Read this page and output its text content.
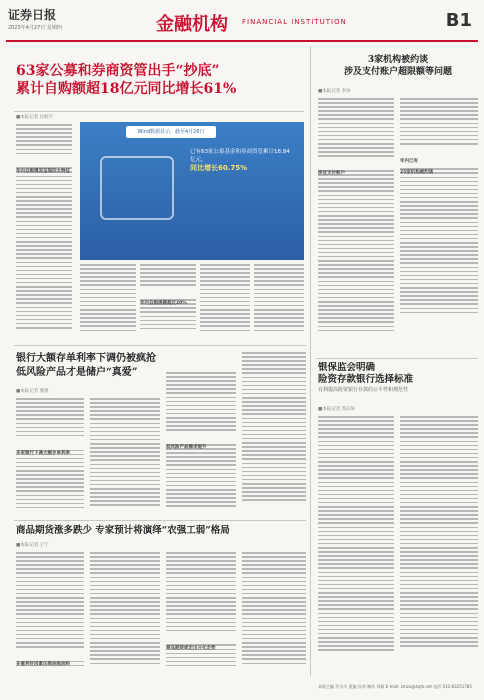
证券日报
2023年4月27日 星期四	金融机构 FINANCIAL INSTITUTION	B1
63家公募和券商资管出手“抄底”
累计自购额超18亿元同比增长61%
■本报记者 昌校宇
年内自购情况呈现四大特征
Wind数据显示，截至4月26日
已有63家公募基金和券商资管累计18.84亿元，
同比增长60.75%
年内自购规模超过20%
3家机构被约谈
涉及支付账户超限额等问题
■本报记者 李冰
涉及支付账户
年内已有
25家机构被约谈
银行大额存单利率下调仍被疯抢
低风险产品才是储户“真爱”
■本报记者 熊悦
多家银行下调大额存单利率
低风险产品需求提升
银保监会明确
险资存款银行选择标准
有利提高险资银行存款的公平性和规范性
■本报记者 苏向杲
商品期货涨多跌少 专家预计将演绎“农强工弱”格局
■本报记者 王宁
多重利好因素压制油脂油料
商品期货或走出分化走势
本版主编 乔川川 责编 孙华 制作 刘雄 E-mail: zmzx@zqrb.net 电话 010-83251785
